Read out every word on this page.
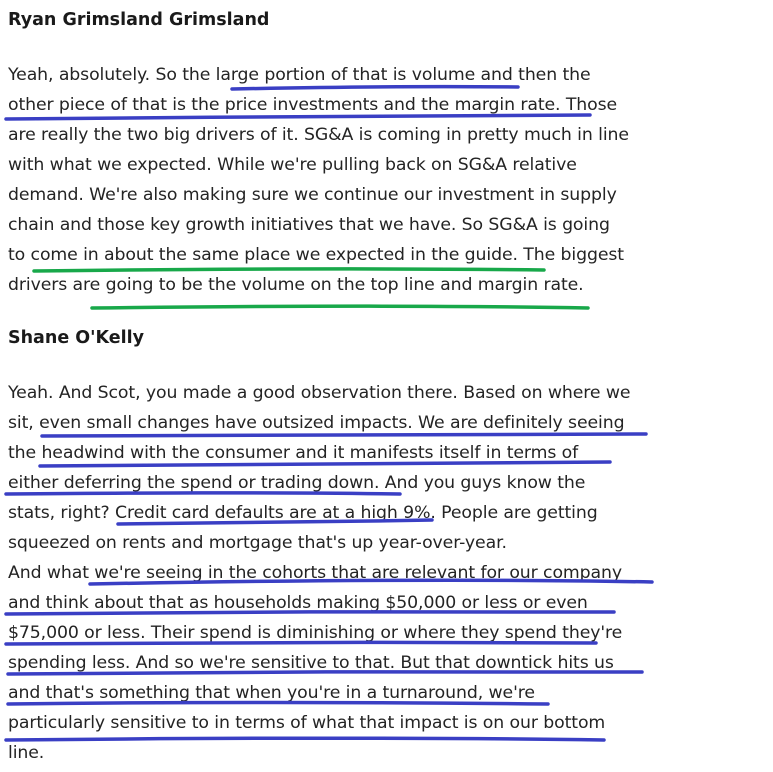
Ryan Grimsland Grimsland
Yeah, absolutely. So the large portion of that is volume and then the
other piece of that is the price investments and the margin rate. Those
are really the two big drivers of it. SG&A is coming in pretty much in line
with what we expected. While we're pulling back on SG&A relative
demand. We're also making sure we continue our investment in supply
chain and those key growth initiatives that we have. So SG&A is going
to come in about the same place we expected in the guide. The biggest
drivers are going to be the volume on the top line and margin rate.
Shane O'Kelly
Yeah. And Scot, you made a good observation there. Based on where we
sit, even small changes have outsized impacts. We are definitely seeing
the headwind with the consumer and it manifests itself in terms of
either deferring the spend or trading down. And you guys know the
stats, right? Credit card defaults are at a high 9%. People are getting
squeezed on rents and mortgage that's up year-over-year.
And what we're seeing in the cohorts that are relevant for our company
and think about that as households making $50,000 or less or even
$75,000 or less. Their spend is diminishing or where they spend they're
spending less. And so we're sensitive to that. But that downtick hits us
and that's something that when you're in a turnaround, we're
particularly sensitive to in terms of what that impact is on our bottom
line.
